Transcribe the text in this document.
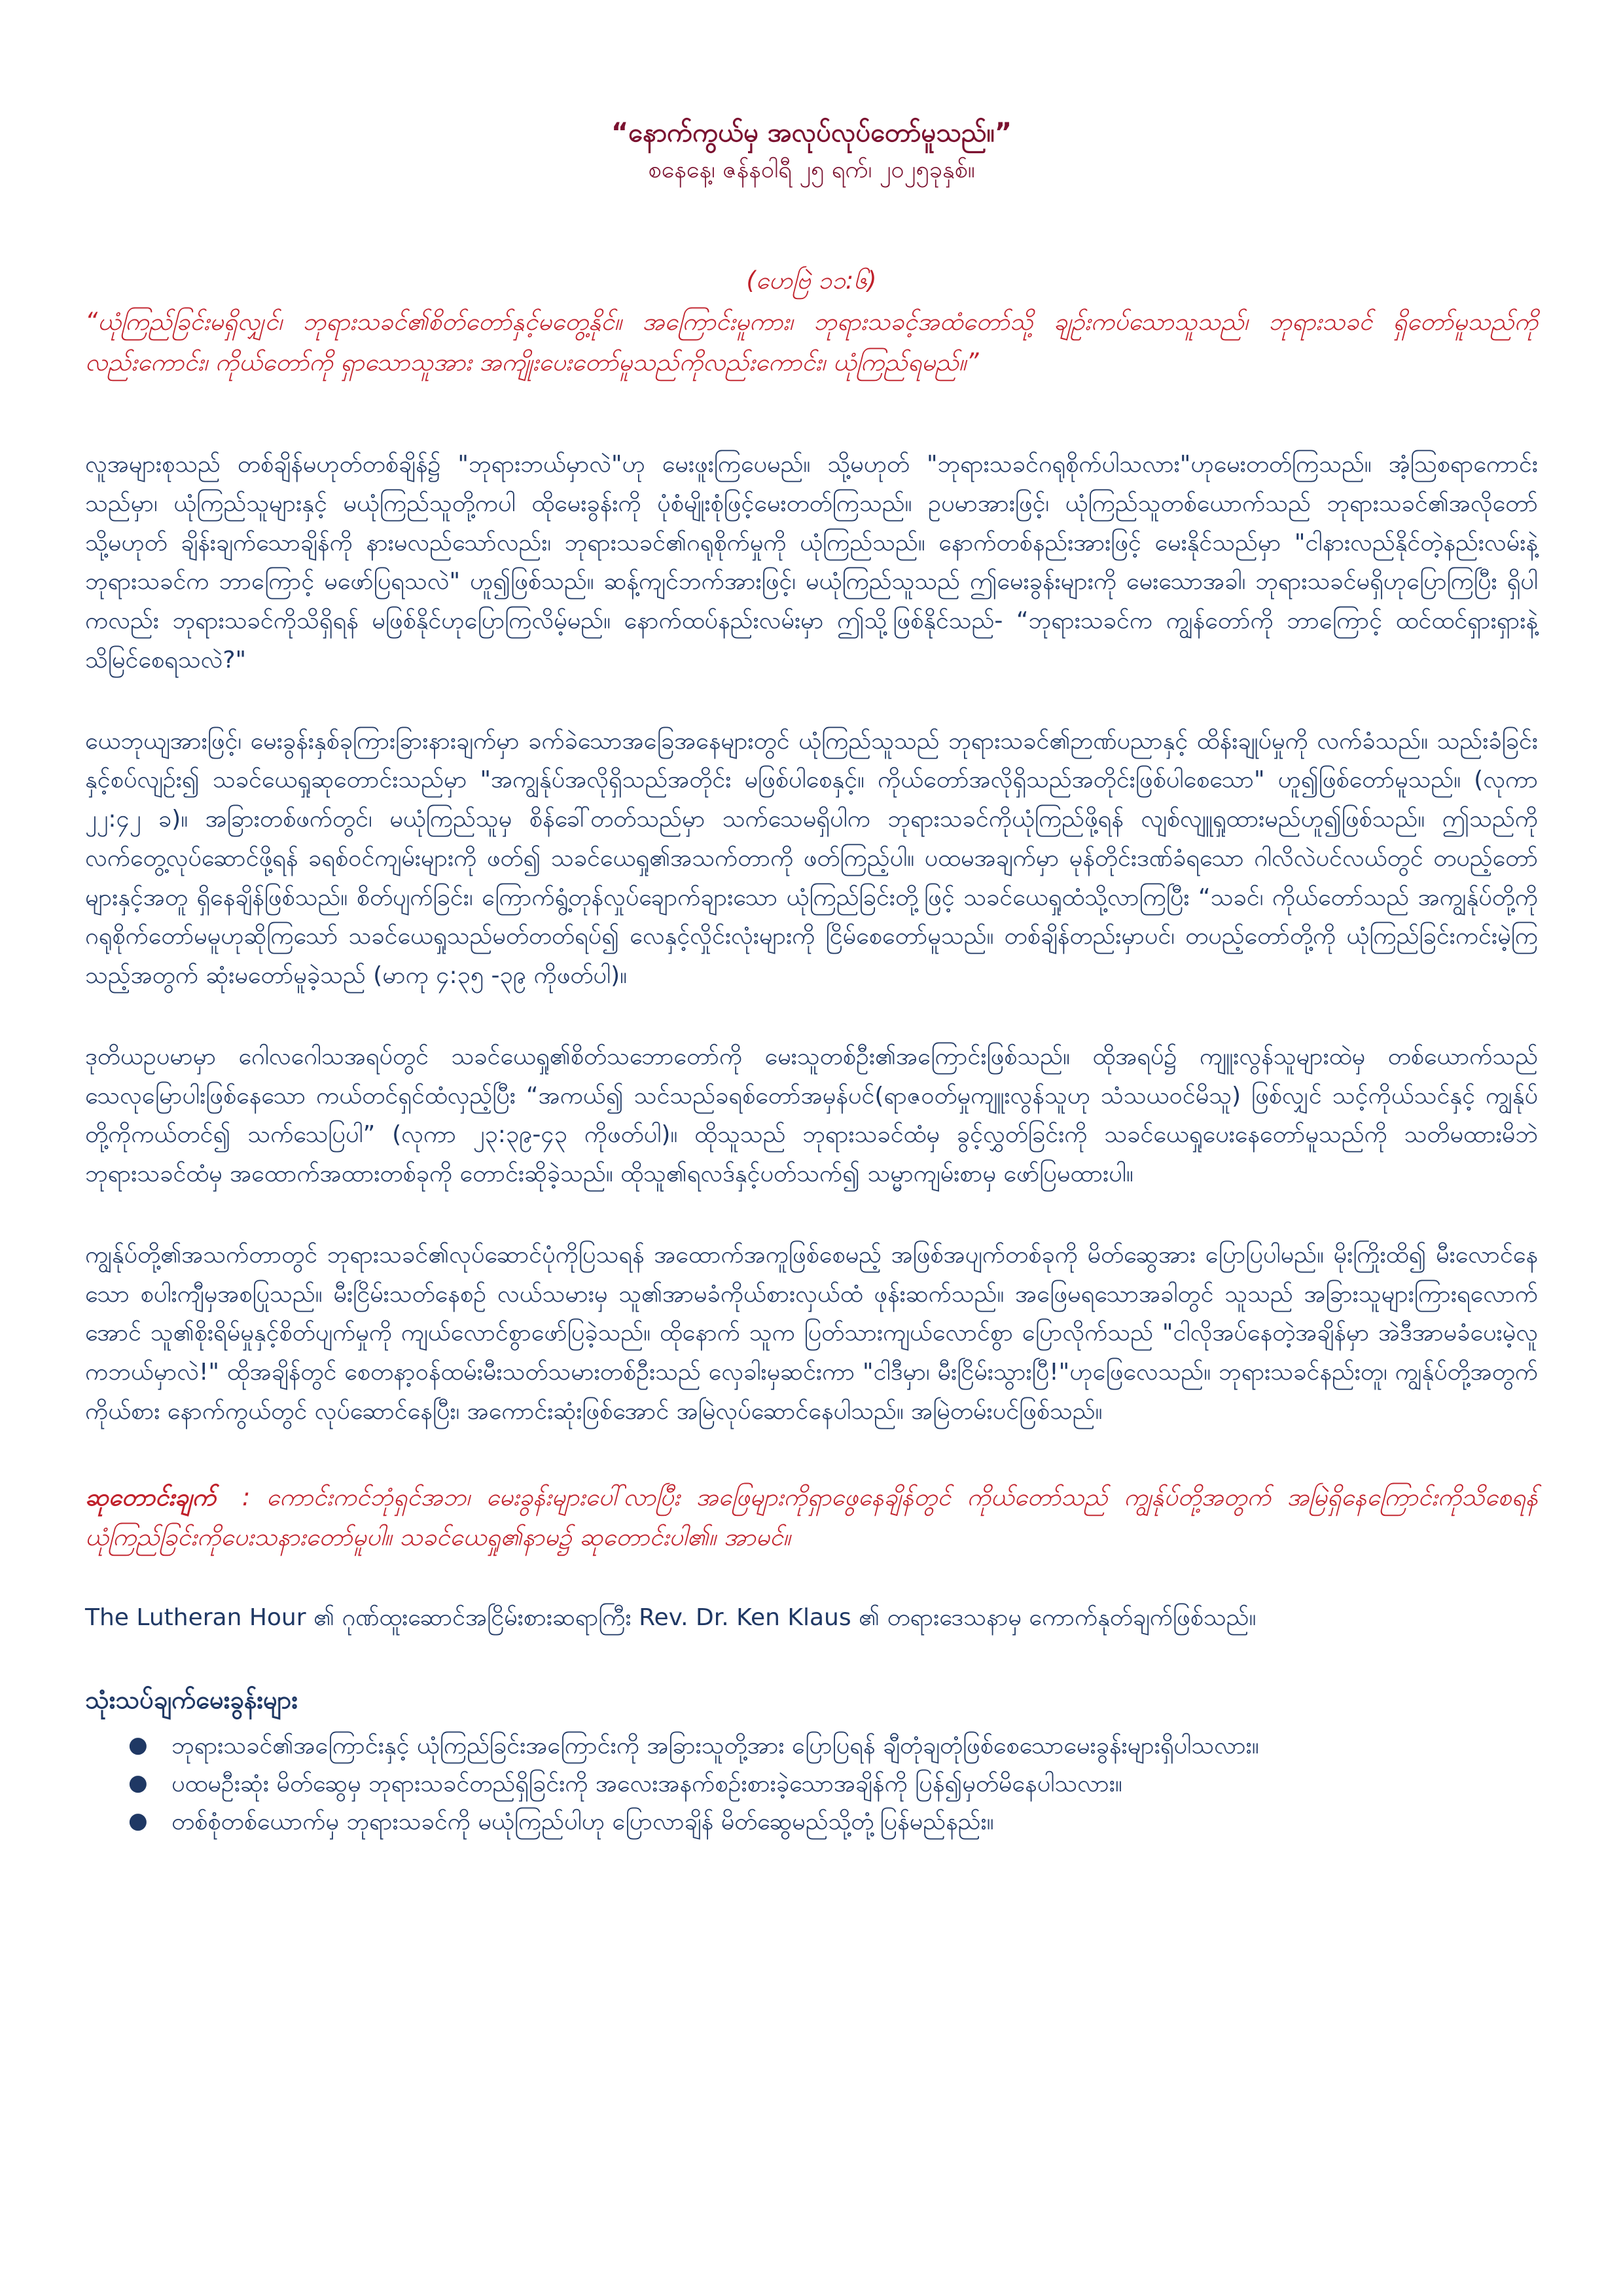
“နောက်ကွယ်မှ အလုပ်လုပ်တော်မူသည်။”

စနေနေ့၊ ဇန်နဝါရီ ၂၅ ရက်၊ ၂၀၂၅ခုနှစ်။

(ဟေဗြဲ ၁၁:၆)

“ယုံကြည်ခြင်းမရှိလျှင်၊ ဘုရားသခင်၏စိတ်တော်နှင့်မတွေ့နိုင်။ အကြောင်းမူကား၊ ဘုရားသခင့်အထံတော်သို့ ချဉ်းကပ်သောသူသည်၊ ဘုရားသခင် ရှိတော်မူသည်ကိုလည်းကောင်း၊ ကိုယ်တော်ကို ရှာသောသူအား အကျိုးပေးတော်မူသည်ကိုလည်းကောင်း၊ ယုံကြည်ရမည်။”

လူအများစုသည် တစ်ချိန်မဟုတ်တစ်ချိန်၌ "ဘုရားဘယ်မှာလဲ"ဟု မေးဖူးကြပေမည်။ သို့မဟုတ် "ဘုရားသခင်ဂရုစိုက်ပါသလား"ဟုမေးတတ်ကြသည်။ အံ့သြစရာကောင်းသည်မှာ၊ ယုံကြည်သူများနှင့် မယုံကြည်သူတို့ကပါ ထိုမေးခွန်းကို ပုံစံမျိုးစုံဖြင့်မေးတတ်ကြသည်။ ဥပမာအားဖြင့်၊ ယုံကြည်သူတစ်ယောက်သည် ဘုရားသခင်၏အလိုတော် သို့မဟုတ် ချိန်းချက်သောချိန်ကို နားမလည်သော်လည်း၊ ဘုရားသခင်၏ဂရုစိုက်မှုကို ယုံကြည်သည်။ နောက်တစ်နည်းအားဖြင့် မေးနိုင်သည်မှာ "ငါနားလည်နိုင်တဲ့နည်းလမ်းနဲ့ ဘုရားသခင်က ဘာကြောင့် မဖော်ပြရသလဲ" ဟူ၍ဖြစ်သည်။ ဆန့်ကျင်ဘက်အားဖြင့်၊ မယုံကြည်သူသည် ဤမေးခွန်းများကို မေးသောအခါ၊ ဘုရားသခင်မရှိဟုပြောကြပြီး ရှိပါကလည်း ဘုရားသခင်ကိုသိရှိရန် မဖြစ်နိုင်ဟုပြောကြလိမ့်မည်။ နောက်ထပ်နည်းလမ်းမှာ ဤသို့ဖြစ်နိုင်သည်- “ဘုရားသခင်က ကျွန်တော်ကို ဘာကြောင့် ထင်ထင်ရှားရှားနဲ့ သိမြင်စေရသလဲ?"

ယေဘုယျအားဖြင့်၊ မေးခွန်းနှစ်ခုကြားခြားနားချက်မှာ ခက်ခဲသောအခြေအနေများတွင် ယုံကြည်သူသည် ဘုရားသခင်၏ဉာဏ်ပညာနှင့် ထိန်းချုပ်မှုကို လက်ခံသည်။ သည်းခံခြင်းနှင့်စပ်လျဉ်း၍ သခင်ယေရှုဆုတောင်းသည်မှာ "အကျွန်ုပ်အလိုရှိသည်အတိုင်း မဖြစ်ပါစေနှင့်။ ကိုယ်တော်အလိုရှိသည်အတိုင်းဖြစ်ပါစေသော" ဟူ၍ဖြစ်တော်မူသည်။ (လုကာ ၂၂:၄၂ ခ)။ အခြားတစ်ဖက်တွင်၊ မယုံကြည်သူမှ စိန်ခေါ်တတ်သည်မှာ သက်သေမရှိပါက ဘုရားသခင်ကိုယုံကြည်ဖို့ရန် လျစ်လျူရှုထားမည်ဟူ၍ဖြစ်သည်။ ဤသည်ကို လက်တွေ့လုပ်ဆောင်ဖို့ရန် ခရစ်ဝင်ကျမ်းများကို ဖတ်၍ သခင်ယေရှု၏အသက်တာကို ဖတ်ကြည့်ပါ။ ပထမအချက်မှာ မုန်တိုင်းဒဏ်ခံရသော ဂါလိလဲပင်လယ်တွင် တပည့်တော်များနှင့်အတူ ရှိနေချိန်ဖြစ်သည်။ စိတ်ပျက်ခြင်း၊ ကြောက်ရွံ့တုန်လှုပ်ချောက်ချားသော ယုံကြည်ခြင်းတို့ဖြင့် သခင်ယေရှုထံသို့လာကြပြီး “သခင်၊ ကိုယ်တော်သည် အကျွန်ုပ်တို့ကို ဂရုစိုက်တော်မမူဟုဆိုကြသော် သခင်ယေရှုသည်မတ်တတ်ရပ်၍ လေနှင့်လှိုင်းလုံးများကို ငြိမ်စေတော်မူသည်။ တစ်ချိန်တည်းမှာပင်၊ တပည့်တော်တို့ကို ယုံကြည်ခြင်းကင်းမဲ့ကြသည့်အတွက် ဆုံးမတော်မူခဲ့သည် (မာကု ၄:၃၅ -၃၉ ကိုဖတ်ပါ)။

ဒုတိယဥပမာမှာ ဂေါလဂေါသအရပ်တွင် သခင်ယေရှု၏စိတ်သဘောတော်ကို မေးသူတစ်ဦး၏အကြောင်းဖြစ်သည်။ ထိုအရပ်၌ ကျူးလွန်သူများထဲမှ တစ်ယောက်သည် သေလုမြောပါးဖြစ်နေသော ကယ်တင်ရှင်ထံလှည့်ပြီး “အကယ်၍ သင်သည်ခရစ်တော်အမှန်ပင်(ရာဇဝတ်မှုကျူးလွန်သူဟု သံသယဝင်မိသူ) ဖြစ်လျှင် သင့်ကိုယ်သင်နှင့် ကျွန်ုပ်တို့ကိုကယ်တင်၍ သက်သေပြပါ” (လုကာ ၂၃:၃၉-၄၃ ကိုဖတ်ပါ)။ ထိုသူသည် ဘုရားသခင်ထံမှ ခွင့်လွှတ်ခြင်းကို သခင်ယေရှုပေးနေတော်မူသည်ကို သတိမထားမိဘဲ ဘုရားသခင်ထံမှ အထောက်အထားတစ်ခုကို တောင်းဆိုခဲ့သည်။ ထိုသူ၏ရလဒ်နှင့်ပတ်သက်၍ သမ္မာကျမ်းစာမှ ဖော်ပြမထားပါ။

ကျွန်ုပ်တို့၏အသက်တာတွင် ဘုရားသခင်၏လုပ်ဆောင်ပုံကိုပြသရန် အထောက်အကူဖြစ်စေမည့် အဖြစ်အပျက်တစ်ခုကို မိတ်ဆွေအား ပြောပြပါမည်။ မိုးကြိုးထိ၍ မီးလောင်နေသော စပါးကျီမှအစပြုသည်။ မီးငြိမ်းသတ်နေစဉ် လယ်သမားမှ သူ၏အာမခံကိုယ်စားလှယ်ထံ ဖုန်းဆက်သည်။ အဖြေမရသောအခါတွင် သူသည် အခြားသူများကြားရလောက်အောင် သူ၏စိုးရိမ်မှုနှင့်စိတ်ပျက်မှုကို ကျယ်လောင်စွာဖော်ပြခဲ့သည်။ ထိုနောက် သူက ပြတ်သားကျယ်လောင်စွာ ပြောလိုက်သည် "ငါလိုအပ်နေတဲ့အချိန်မှာ အဲဒီအာမခံပေးမဲ့လူကဘယ်မှာလဲ!" ထိုအချိန်တွင် စေတနာ့ဝန်ထမ်းမီးသတ်သမားတစ်ဦးသည် လှေခါးမှဆင်းကာ "ငါဒီမှာ၊ မီးငြိမ်းသွားပြီ!"ဟုဖြေလေသည်။ ဘုရားသခင်နည်းတူ၊ ကျွန်ုပ်တို့အတွက် ကိုယ်စား နောက်ကွယ်တွင် လုပ်ဆောင်နေပြီး၊ အကောင်းဆုံးဖြစ်အောင် အမြဲလုပ်ဆောင်နေပါသည်။ အမြဲတမ်းပင်ဖြစ်သည်။

ဆုတောင်းချက် : ကောင်းကင်ဘုံရှင်အဘ၊ မေးခွန်းများပေါ်လာပြီး အဖြေများကိုရှာဖွေနေချိန်တွင် ကိုယ်တော်သည် ကျွန်ုပ်တို့အတွက် အမြဲရှိနေကြောင်းကိုသိစေရန် ယုံကြည်ခြင်းကိုပေးသနားတော်မူပါ။ သခင်ယေရှု၏နာမ၌ ဆုတောင်းပါ၏။ အာမင်။

The Lutheran Hour ၏ ဂုဏ်ထူးဆောင်အငြိမ်းစားဆရာကြီး Rev. Dr. Ken Klaus ၏ တရားဒေသနာမှ ကောက်နုတ်ချက်ဖြစ်သည်။

သုံးသပ်ချက်မေးခွန်းများ
● ဘုရားသခင်၏အကြောင်းနှင့် ယုံကြည်ခြင်းအကြောင်းကို အခြားသူတို့အား ပြောပြရန် ချီတုံချတုံဖြစ်စေသောမေးခွန်းများရှိပါသလား။
● ပထမဦးဆုံး မိတ်ဆွေမှ ဘုရားသခင်တည်ရှိခြင်းကို အလေးအနက်စဉ်းစားခဲ့သောအချိန်ကို ပြန်၍မှတ်မိနေပါသလား။
● တစ်စုံတစ်ယောက်မှ ဘုရားသခင်ကို မယုံကြည်ပါဟု ပြောလာချိန် မိတ်ဆွေမည်သို့တုံ့ပြန်မည်နည်း။
